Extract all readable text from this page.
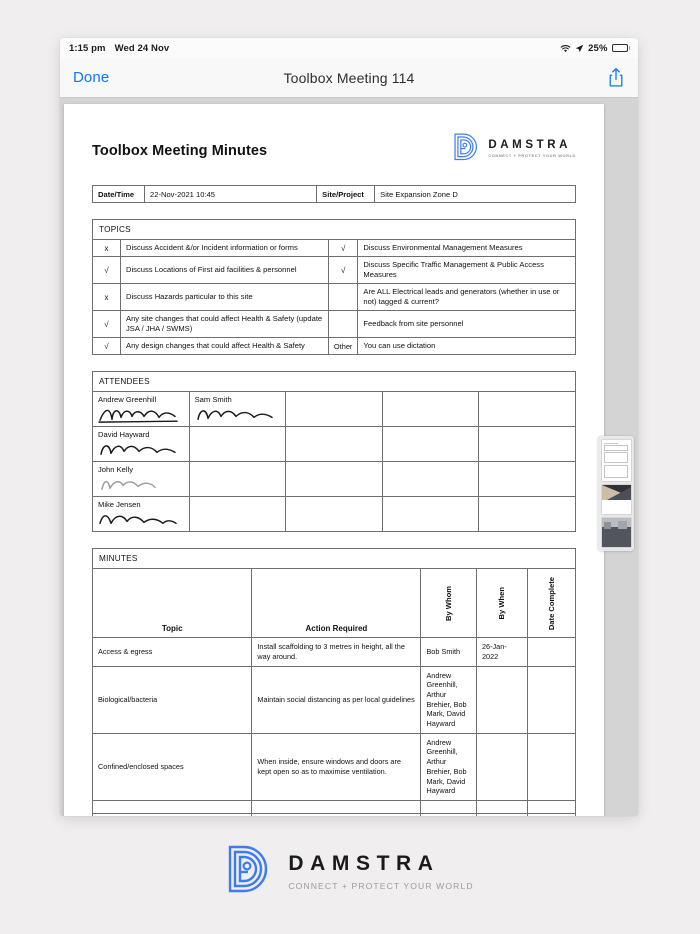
1:15 pm Wed 24 Nov	25%
Done	Toolbox Meeting 114
Toolbox Meeting Minutes	DAMSTRA
CONNECT + PROTECT YOUR WORLD
Date/Time	22-Nov-2021 10:45	Site/Project	Site Expansion Zone D
TOPICS			
x	Discuss Accident &/or Incident information or forms	√	Discuss Environmental Management Measures
√	Discuss Locations of First aid facilities & personnel	√	Discuss Specific Traffic Management & Public Access Measures
x	Discuss Hazards particular to this site		Are ALL Electrical leads and generators (whether in use or not) tagged & current?
√	Any site changes that could affect Health & Safety (update JSA / JHA / SWMS)		Feedback from site personnel
√	Any design changes that could affect Health & Safety	Other	You can use dictation
ATTENDEES				
Andrew Greenhill	Sam Smith

David Hayward

John Kelly

Mike Jensen

MINUTES				
Topic	Action Required	By Whom	By When	Date Complete

Access & egress	Install scaffolding to 3 metres in height, all the way around.	Bob Smith	26-Jan-2022	
Biological/bacteria	Maintain social distancing as per local guidelines	Andrew Greenhill, Arthur Brehier, Bob Mark, David Hayward		
Confined/enclosed spaces	When inside, ensure windows and doors are kept open so as to maximise ventilation.	Andrew Greenhill, Arthur Brehier, Bob Mark, David Hayward		

DAMSTRA
CONNECT + PROTECT YOUR WORLD
